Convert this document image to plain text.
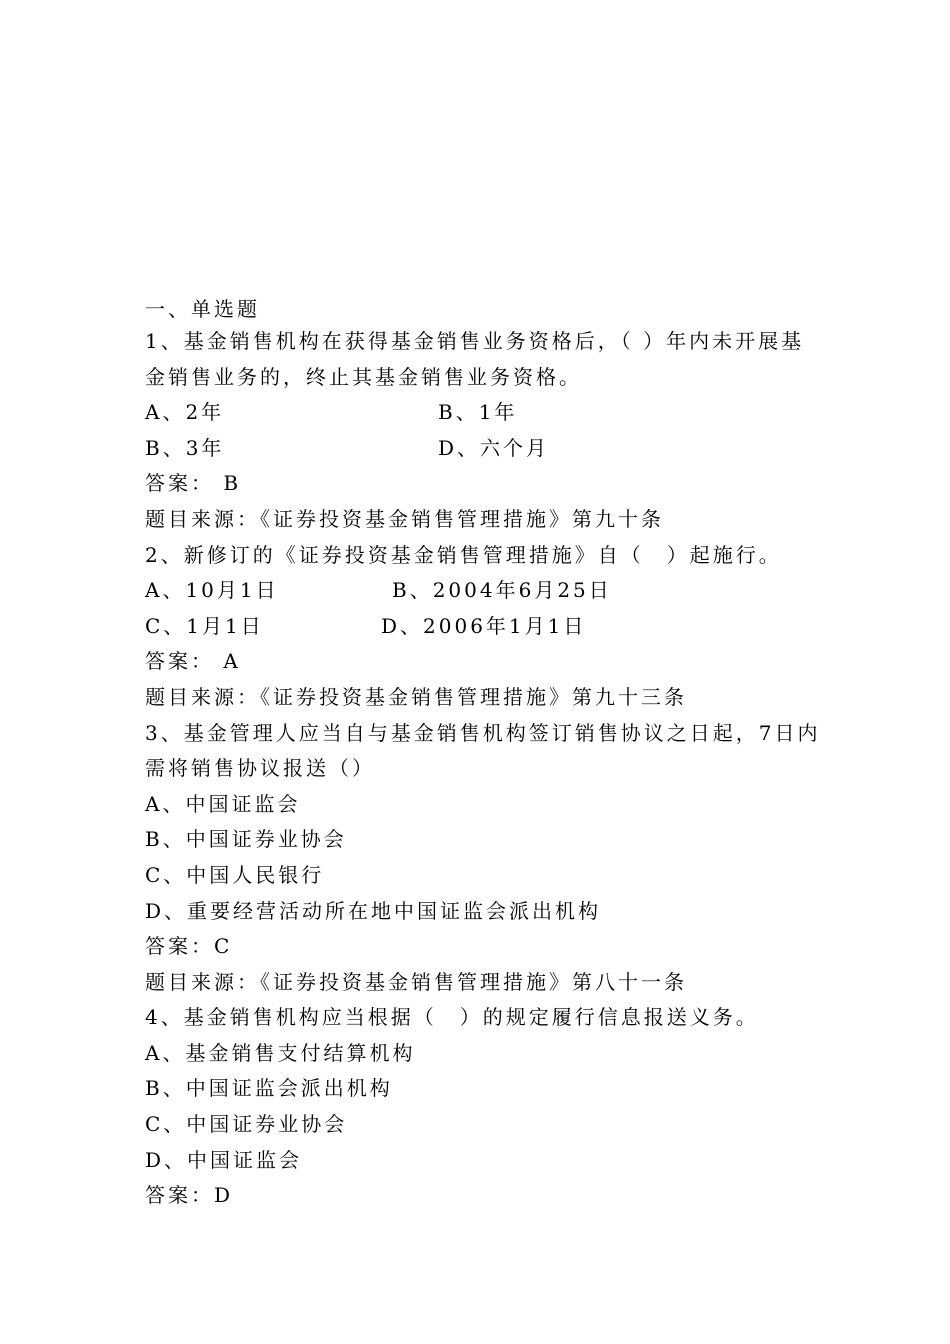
一、单选题
1、基金销售机构在获得基金销售业务资格后，（ ）年内未开展基金销售业务的，终止其基金销售业务资格。
A、2年	B、1年
B、3年	D、六个月
答案： B
题目来源：《证券投资基金销售管理措施》第九十条
2、新修订的《证券投资基金销售管理措施》自（　）起施行。
A、10月1日	B、2004年6月25日
C、1月1日	D、2006年1月1日
答案： A
题目来源：《证券投资基金销售管理措施》第九十三条
3、基金管理人应当自与基金销售机构签订销售协议之日起，7日内需将销售协议报送（）
A、中国证监会
B、中国证券业协会
C、中国人民银行
D、重要经营活动所在地中国证监会派出机构
答案：C
题目来源：《证券投资基金销售管理措施》第八十一条
4、基金销售机构应当根据（　）的规定履行信息报送义务。
A、基金销售支付结算机构
B、中国证监会派出机构
C、中国证券业协会
D、中国证监会
答案：D
